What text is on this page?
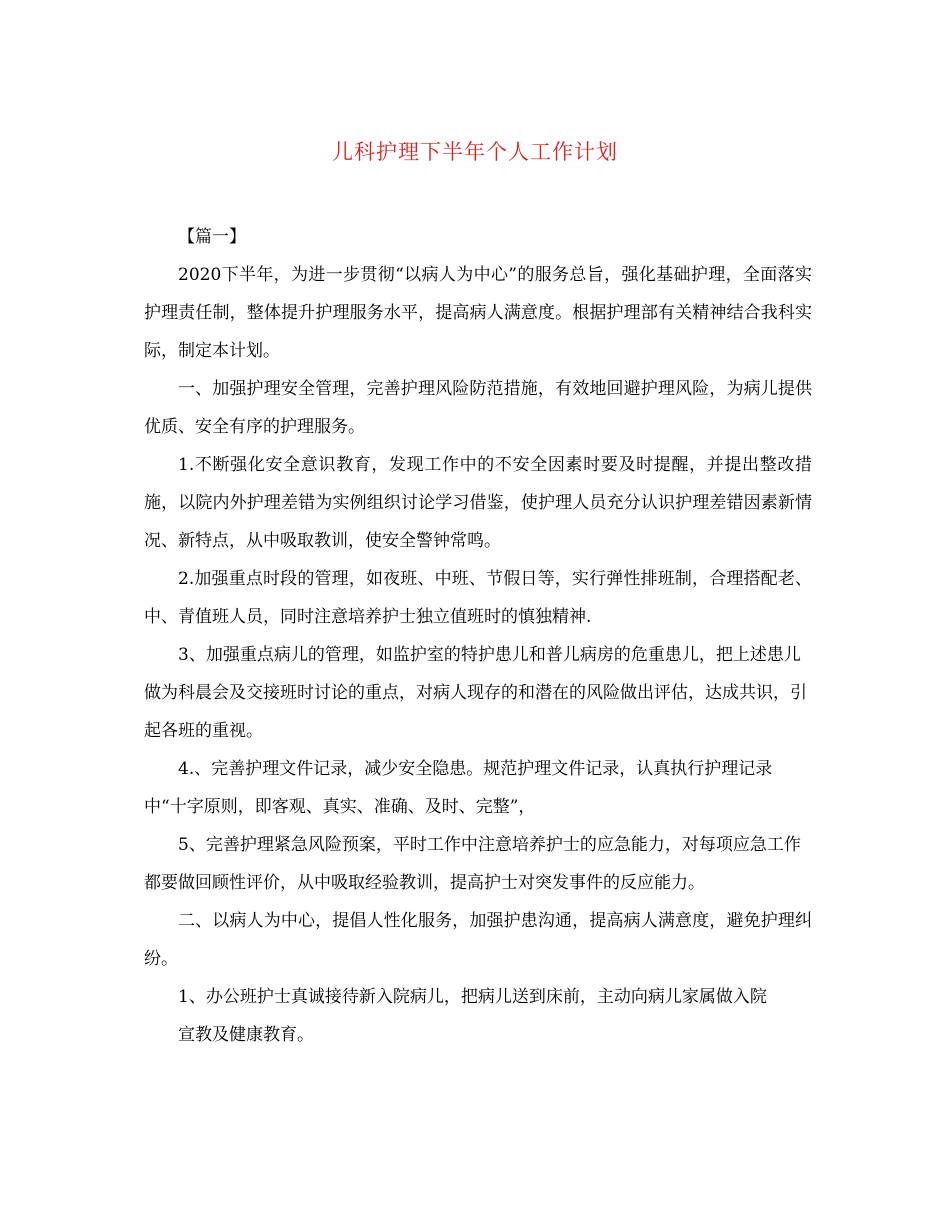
儿科护理下半年个人工作计划

【篇一】

2020下半年，为进一步贯彻“以病人为中心”的服务总旨，强化基础护理，全面落实护理责任制，整体提升护理服务水平，提高病人满意度。根据护理部有关精神结合我科实际，制定本计划。

一、加强护理安全管理，完善护理风险防范措施，有效地回避护理风险，为病儿提供优质、安全有序的护理服务。

1.不断强化安全意识教育，发现工作中的不安全因素时要及时提醒，并提出整改措施，以院内外护理差错为实例组织讨论学习借鉴，使护理人员充分认识护理差错因素新情况、新特点，从中吸取教训，使安全警钟常鸣。

2.加强重点时段的管理，如夜班、中班、节假日等，实行弹性排班制，合理搭配老、中、青值班人员，同时注意培养护士独立值班时的慎独精神.

3、加强重点病儿的管理，如监护室的特护患儿和普儿病房的危重患儿，把上述患儿做为科晨会及交接班时讨论的重点，对病人现存的和潜在的风险做出评估，达成共识，引起各班的重视。

4.、完善护理文件记录，减少安全隐患。规范护理文件记录，认真执行护理记录中“十字原则，即客观、真实、准确、及时、完整”，

5、完善护理紧急风险预案，平时工作中注意培养护士的应急能力，对每项应急工作都要做回顾性评价，从中吸取经验教训，提高护士对突发事件的反应能力。

二、以病人为中心，提倡人性化服务，加强护患沟通，提高病人满意度，避免护理纠纷。

1、办公班护士真诚接待新入院病儿，把病儿送到床前，主动向病儿家属做入院

宣教及健康教育。
